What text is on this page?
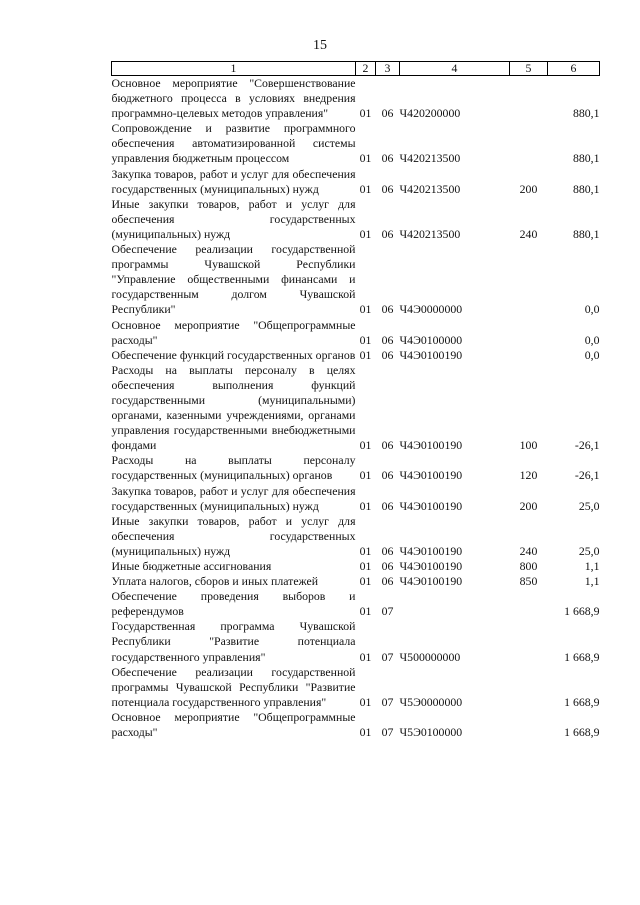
15
1	2	3	4	5	6
Основное мероприятие "Совершенствование бюджетного процесса в условиях внедрения программно-целевых методов управления"	01	06	Ч420200000		880,1
Сопровождение и развитие программного обеспечения автоматизированной системы управления бюджетным процессом	01	06	Ч420213500		880,1
Закупка товаров, работ и услуг для обеспечения государственных (муниципальных) нужд	01	06	Ч420213500	200	880,1
Иные закупки товаров, работ и услуг для обеспечения государственных (муниципальных) нужд	01	06	Ч420213500	240	880,1
Обеспечение реализации государственной программы Чувашской Республики "Управление общественными финансами и государственным долгом Чувашской Республики"	01	06	Ч4Э0000000		0,0
Основное мероприятие "Общепрограммные расходы"	01	06	Ч4Э0100000		0,0
Обеспечение функций государственных органов	01	06	Ч4Э0100190		0,0
Расходы на выплаты персоналу в целях обеспечения выполнения функций государственными (муниципальными) органами, казенными учреждениями, органами управления государственными внебюджетными фондами	01	06	Ч4Э0100190	100	-26,1
Расходы на выплаты персоналу государственных (муниципальных) органов	01	06	Ч4Э0100190	120	-26,1
Закупка товаров, работ и услуг для обеспечения государственных (муниципальных) нужд	01	06	Ч4Э0100190	200	25,0
Иные закупки товаров, работ и услуг для обеспечения государственных (муниципальных) нужд	01	06	Ч4Э0100190	240	25,0
Иные бюджетные ассигнования	01	06	Ч4Э0100190	800	1,1
Уплата налогов, сборов и иных платежей	01	06	Ч4Э0100190	850	1,1
Обеспечение проведения выборов и референдумов	01	07			1 668,9
Государственная программа Чувашской Республики "Развитие потенциала государственного управления"	01	07	Ч500000000		1 668,9
Обеспечение реализации государственной программы Чувашской Республики "Развитие потенциала государственного управления"	01	07	Ч5Э0000000		1 668,9
Основное мероприятие "Общепрограммные расходы"	01	07	Ч5Э0100000		1 668,9
